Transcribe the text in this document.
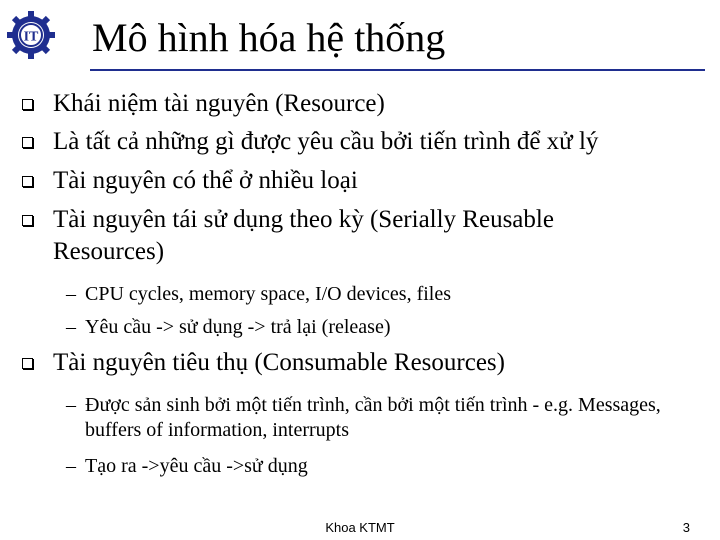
IT Mô hình hóa hệ thống
Khái niệm tài nguyên (Resource)
Là tất cả những gì được yêu cầu bởi tiến trình để xử lý
Tài nguyên có thể ở nhiều loại
Tài nguyên tái sử dụng theo kỳ (Serially Reusable Resources)
– CPU cycles, memory space, I/O devices, files
– Yêu cầu -> sử dụng -> trả lại (release)
Tài nguyên tiêu thụ (Consumable Resources)
– Được sản sinh bởi một tiến trình, cần bởi một tiến trình - e.g. Messages, buffers of information, interrupts
– Tạo ra ->yêu cầu ->sử dụng
Khoa KTMT	3
